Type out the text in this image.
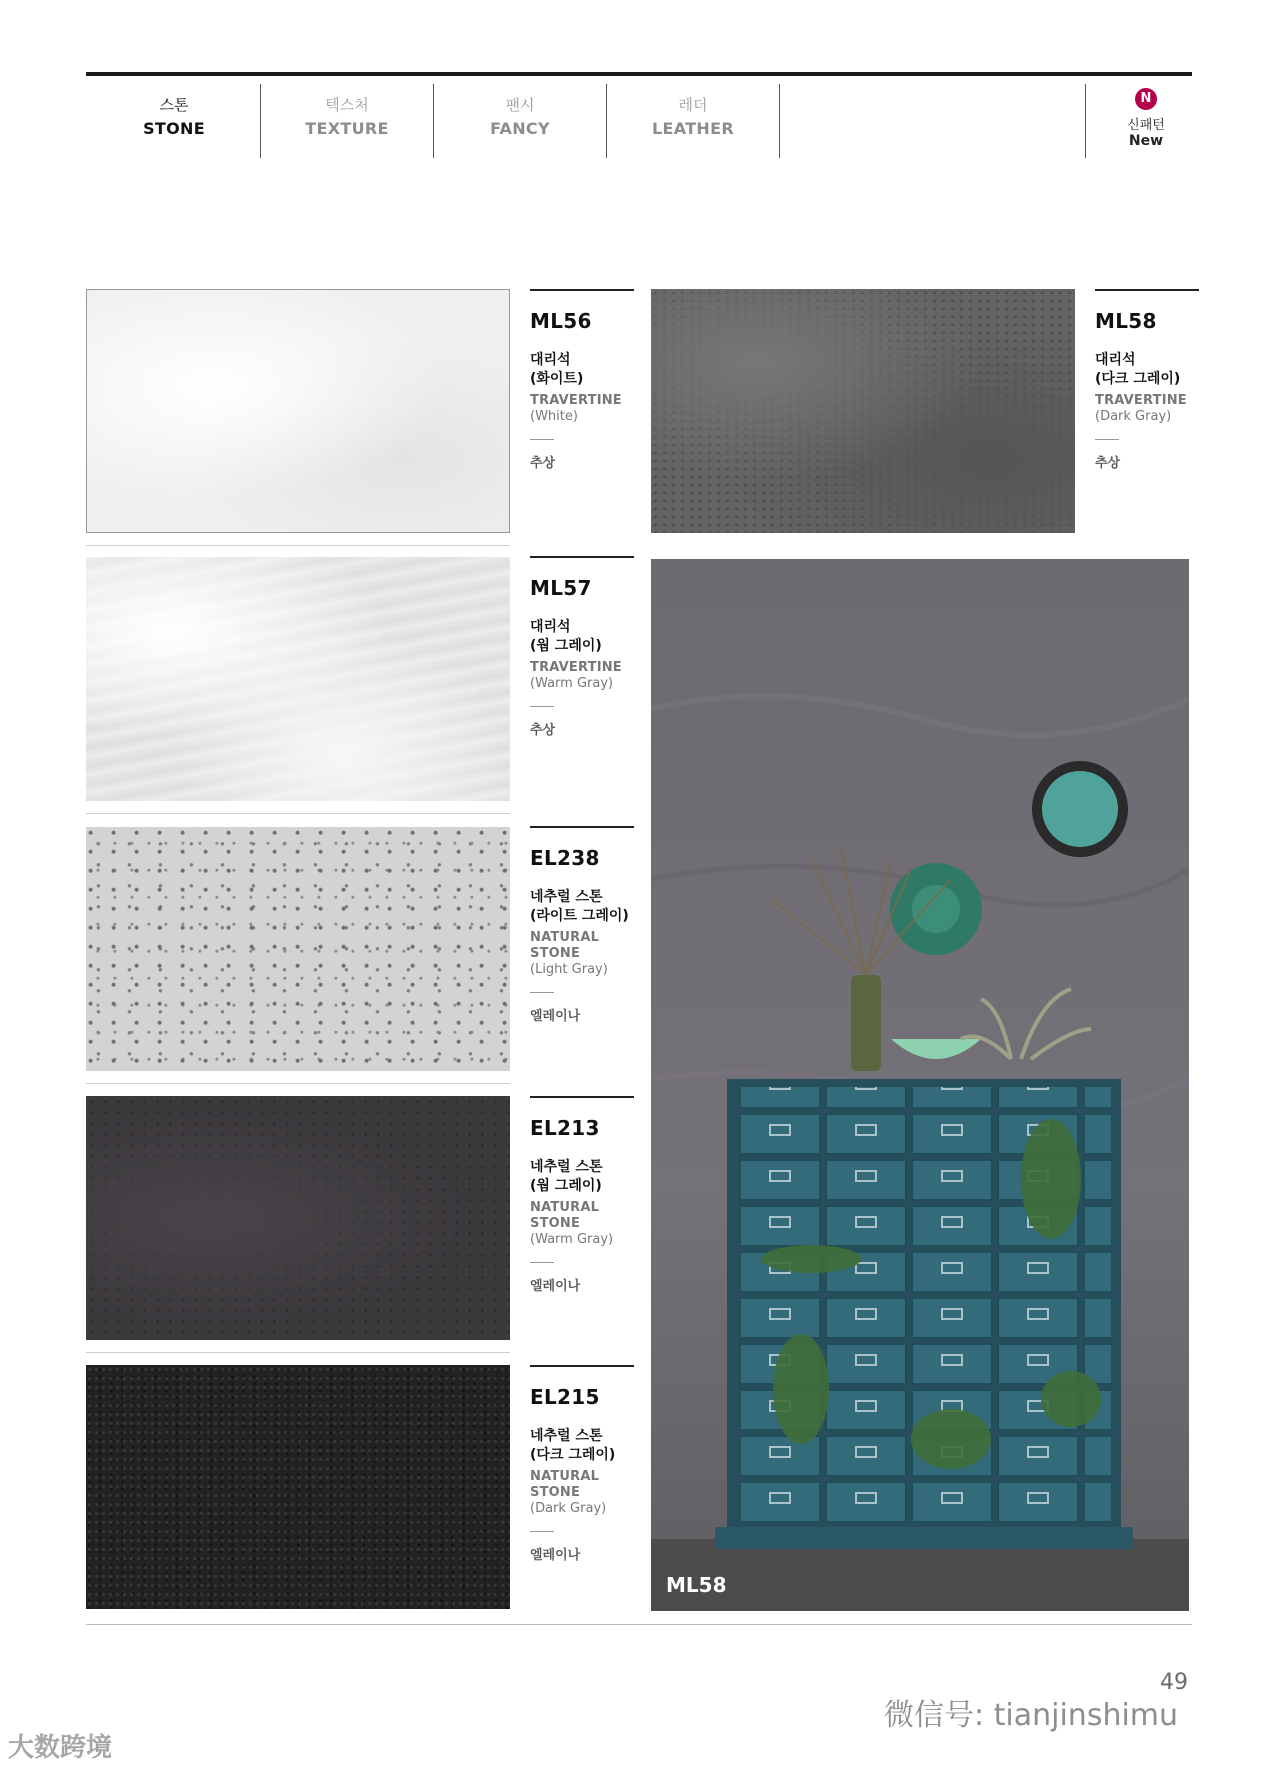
스톤
STONE
텍스처
TEXTURE
팬시
FANCY
레더
LEATHER
N
신패턴
New
ML56
대리석
(화이트)
TRAVERTINE
(White)
추상
ML57
대리석
(웜 그레이)
TRAVERTINE
(Warm Gray)
추상
EL238
네추럴 스톤
(라이트 그레이)
NATURAL STONE
(Light Gray)
엘레이나
EL213
네추럴 스톤
(웜 그레이)
NATURAL STONE
(Warm Gray)
엘레이나
EL215
네추럴 스톤
(다크 그레이)
NATURAL STONE
(Dark Gray)
엘레이나
ML58
대리석
(다크 그레이)
TRAVERTINE
(Dark Gray)
추상
ML58
49
微信号: tianjinshimu
大数跨境
